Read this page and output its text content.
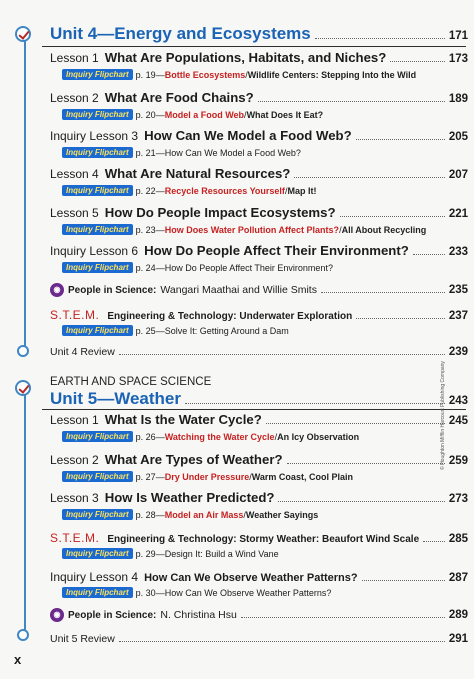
Unit 4—Energy and Ecosystems	171
Lesson 1 What Are Populations, Habitats, and Niches?	173
Inquiry Flipchart p. 19— Bottle Ecosystems / Wildlife Centers: Stepping Into the Wild
Lesson 2 What Are Food Chains?	189
Inquiry Flipchart p. 20— Model a Food Web / What Does It Eat?
Inquiry Lesson 3 How Can We Model a Food Web?	205
Inquiry Flipchart p. 21—How Can We Model a Food Web?
Lesson 4 What Are Natural Resources?	207
Inquiry Flipchart p. 22— Recycle Resources Yourself / Map It!
Lesson 5 How Do People Impact Ecosystems?	221
Inquiry Flipchart p. 23— How Does Water Pollution Affect Plants? / All About Recycling
Inquiry Lesson 6 How Do People Affect Their Environment?	233
Inquiry Flipchart p. 24—How Do People Affect Their Environment?
◉ People in Science: Wangari Maathai and Willie Smits	235
S.T.E.M. Engineering & Technology: Underwater Exploration	237
Inquiry Flipchart p. 25—Solve It: Getting Around a Dam
Unit 4 Review	239
EARTH AND SPACE SCIENCE
Unit 5—Weather	243
Lesson 1 What Is the Water Cycle?	245
Inquiry Flipchart p. 26— Watching the Water Cycle / An Icy Observation
Lesson 2 What Are Types of Weather?	259
Inquiry Flipchart p. 27— Dry Under Pressure / Warm Coast, Cool Plain
Lesson 3 How Is Weather Predicted?	273
Inquiry Flipchart p. 28— Model an Air Mass / Weather Sayings
S.T.E.M. Engineering & Technology: Stormy Weather: Beaufort Wind Scale	285
Inquiry Flipchart p. 29—Design It: Build a Wind Vane
Inquiry Lesson 4 How Can We Observe Weather Patterns?	287
Inquiry Flipchart p. 30—How Can We Observe Weather Patterns?
◉ People in Science: N. Christina Hsu	289
Unit 5 Review	291
x
© Houghton Mifflin Harcourt Publishing Company
